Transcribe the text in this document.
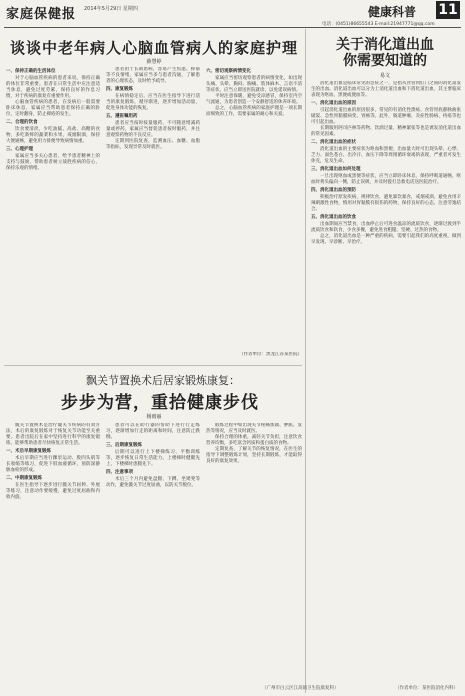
家庭保健报 2014年5月29日 星期四	健康科普 11
电话：(0451)86655543 E-mail:21947771@qq.com
谈谈中老年病人心脑血管病人的家庭护理
薛慧婷

一、保持正确的生活体位

对于心脑血管疾病的患者来说，保持正确的体位非常重要。患者在日常生活中应注意适当休息，避免过度劳累，保持良好的作息习惯，对于疾病的康复有重要作用。

心脑血管疾病的患者，在发病后一般需要卧床休息，家属应当帮助患者保持正确的卧位，定时翻身，防止褥疮的发生。

二、合理的饮食

饮食要清淡，少吃油腻、高盐、高糖的食物，多吃新鲜的蔬菜和水果，戒烟限酒，保持大便通畅，避免用力排便导致病情加重。

三、心理护理

家属应当多关心患者，给予患者精神上的支持与鼓励，帮助患者树立战胜疾病的信心，保持乐观的情绪。

患者由于长期患病，容易产生焦虑、抑郁等不良情绪，家属应当多与患者沟通，了解患者的心理状态，及时给予疏导。

四、康复锻炼

在病情稳定后，应当在医生指导下进行适当的康复锻炼，循序渐进，逐步增加活动量，促进身体功能的恢复。

五、遵医嘱用药

患者应当按时按量服药，不可随意增减药量或停药，家属应当督促患者按时服药，并注意观察药物的不良反应。

定期到医院复查，监测血压、血糖、血脂等指标，发现异常及时就医。

六、密切观察病情变化

家属应当密切观察患者的病情变化，如出现头痛、头晕、胸闷、胸痛、肢体麻木、言语不清等症状，应当立即送医院就诊，以免延误病情。

平时注意保暖，避免受凉感冒，保持室内空气流通，为患者创造一个安静舒适的休养环境。

总之，心脑血管疾病的家庭护理是一项长期而细致的工作，需要家属的耐心和关爱。

（作者单位：黑龙江省某医院）
飘关节置换术后居家锻炼康复：
步步为营，重拾健康步伐
杨雨丽

髋关节置换术是治疗髋关节疾病的有效方法，术后的康复锻炼对于恢复关节功能至关重要。患者出院后在家中坚持进行科学的康复锻炼，能够帮助患者尽快恢复正常生活。

一、术后早期康复锻炼

术后早期应当进行踝泵运动、股四头肌等长收缩等练习，促进下肢血液循环，预防深静脉血栓的形成。

二、中期康复锻炼

在医生指导下逐步进行髋关节屈伸、外展等练习，注意动作要缓慢，避免过度屈曲和内收内旋。

患者可以在助行器的帮助下进行行走练习，逐渐增加行走的距离和时间，注意防止跌倒。

三、后期康复锻炼

后期可以进行上下楼梯练习、平衡训练等，逐步恢复日常生活能力。上楼梯时健腿先上，下楼梯时患腿先下。

四、注意事项

术后三个月内避免盘腿、下蹲、坐矮凳等动作，避免髋关节过度屈曲，以防关节脱位。

锻炼过程中如出现关节疼痛加剧、肿胀、发热等情况，应当及时就医。

保持合理的体重，减轻关节负担，注意饮食营养均衡，多吃富含钙质和蛋白质的食物。

定期复查，了解关节的恢复情况，在医生的指导下调整锻炼计划，坚持长期锻炼，才能取得良好的康复效果。

（广州市白云区江高镇卫生院康复科）
关于消化道出血
你需要知道的
易文

消化道出血是临床常见的急症之一，是指从食管到肛门之间的消化道发生的出血。消化道出血可以分为上消化道出血和下消化道出血，其主要临床表现为呕血、黑便或便血等。

一、消化道出血的原因

引起消化道出血的原因很多，常见的有消化性溃疡、食管胃底静脉曲张破裂、急性胃黏膜病变、胃癌等。此外，肠道肿瘤、炎症性肠病、痔疮等也可引起出血。

长期服用阿司匹林等药物、饮酒过量、精神紧张等也是诱发消化道出血的常见因素。

二、消化道出血的症状

消化道出血的主要症状为呕血和黑便，出血量大时可出现头晕、心悸、乏力、面色苍白、出冷汗、血压下降等周围循环衰竭的表现，严重者可发生休克，危及生命。

三、消化道出血如何处理

一旦出现呕血或黑便等症状，应当立即卧床休息，保持呼吸道通畅，呕血时将头偏向一侧，防止误吸，并及时拨打急救电话送医院治疗。

四、消化道出血的预防

积极治疗原发疾病，规律饮食，避免暴饮暴食，戒烟戒酒，避免食用辛辣刺激性食物，慎用对胃黏膜有损伤的药物，保持良好的心态，注意劳逸结合。

五、消化道出血的饮食

出血期间应当禁食，出血停止后可进食温凉的流质饮食，逐渐过渡到半流质饮食和软食，少食多餐，避免进食粗糙、坚硬、过热的食物。

总之，消化道出血是一种严重的疾病，需要引起我们的高度重视，做到早发现、早诊断、早治疗。

（作者单位：某医院消化内科）
